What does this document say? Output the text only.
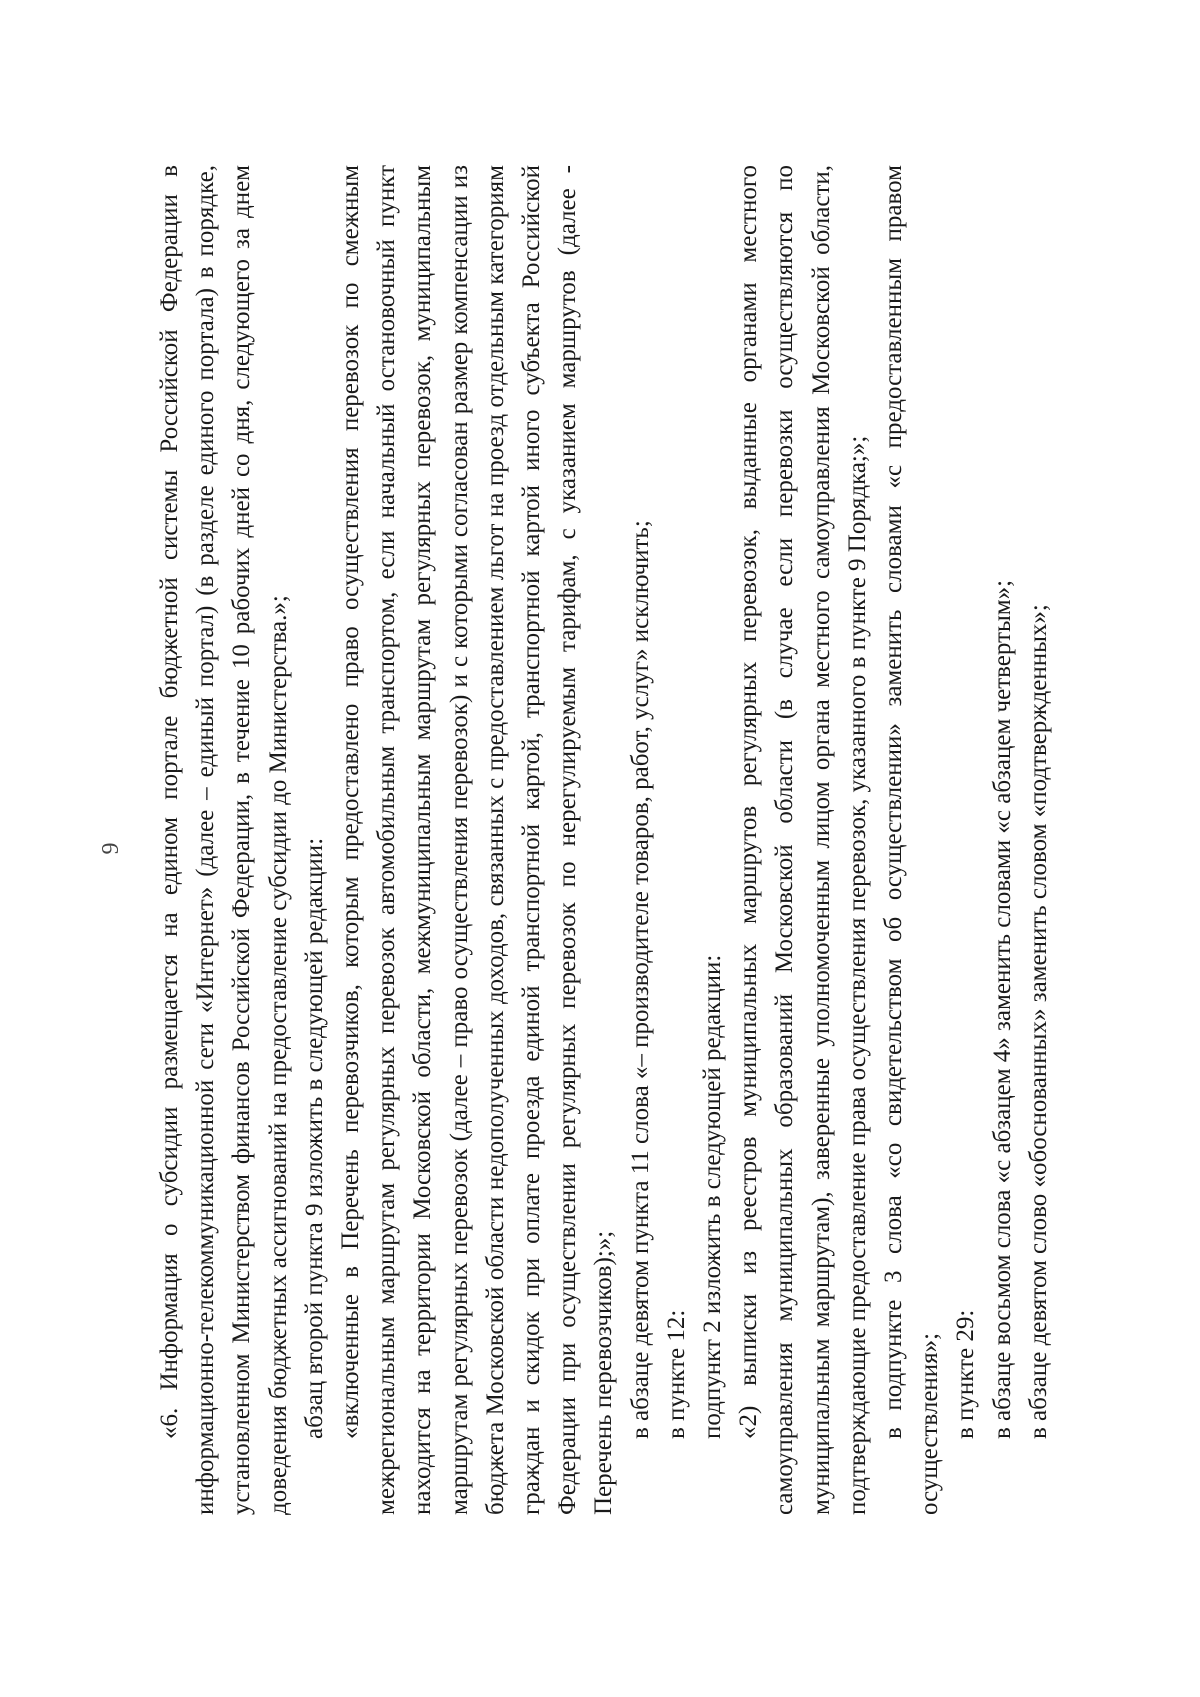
9 «6. Информация о субсидии размещается на едином портале бюджетной системы Российской Федерации в информационно-телекоммуникационной сети «Интернет» (далее – единый портал) (в разделе единого портала) в порядке, установленном Министерством финансов Российской Федерации, в течение 10 рабочих дней со дня, следующего за днем доведения бюджетных ассигнований на предоставление субсидии до Министерства.»; абзац второй пункта 9 изложить в следующей редакции: «включенные в Перечень перевозчиков, которым предоставлено право осуществления перевозок по смежным межрегиональным маршрутам регулярных перевозок автомобильным транспортом, если начальный остановочный пункт находится на территории Московской области, межмуниципальным маршрутам регулярных перевозок, муниципальным маршрутам регулярных перевозок (далее – право осуществления перевозок) и с которыми согласован размер компенсации из бюджета Московской области недополученных доходов, связанных с предоставлением льгот на проезд отдельным категориям граждан и скидок при оплате проезда единой транспортной картой, транспортной картой иного субъекта Российской Федерации при осуществлении регулярных перевозок по нерегулируемым тарифам, с указанием маршрутов (далее - Перечень перевозчиков);»; в абзаце девятом пункта 11 слова «– производителе товаров, работ, услуг» исключить; в пункте 12: подпункт 2 изложить в следующей редакции: «2) выписки из реестров муниципальных маршрутов регулярных перевозок, выданные органами местного самоуправления муниципальных образований Московской области (в случае если перевозки осуществляются по муниципальным маршрутам), заверенные уполномоченным лицом органа местного самоуправления Московской области, подтверждающие предоставление права осуществления перевозок, указанного в пункте 9 Порядка;»; в подпункте 3 слова «со свидетельством об осуществлении» заменить словами «с предоставленным правом осуществления»; в пункте 29: в абзаце восьмом слова «с абзацем 4» заменить словами «с абзацем четвертым»; в абзаце девятом слово «обоснованных» заменить словом «подтвержденных»;
